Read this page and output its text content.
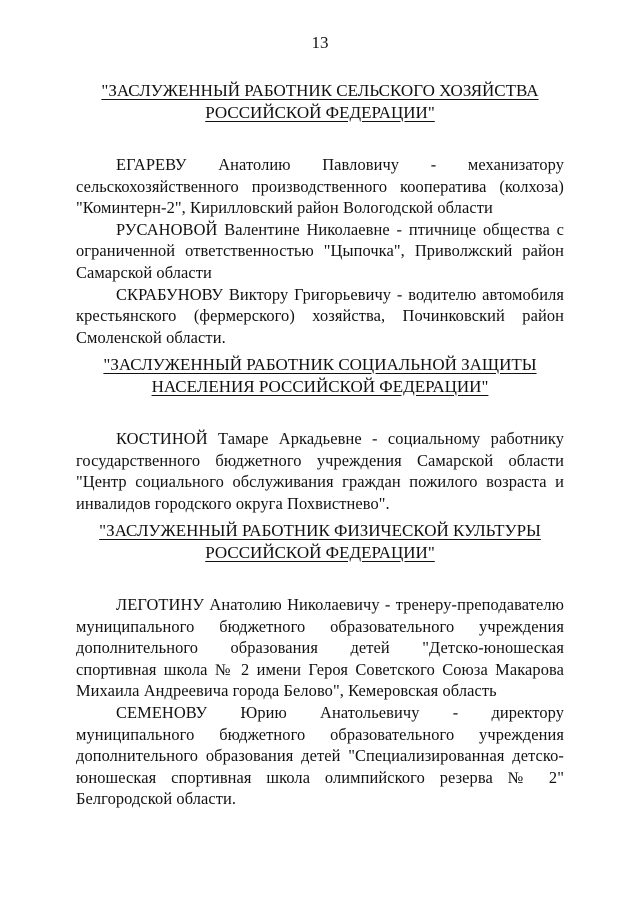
13
"ЗАСЛУЖЕННЫЙ РАБОТНИК СЕЛЬСКОГО ХОЗЯЙСТВА
РОССИЙСКОЙ ФЕДЕРАЦИИ"

ЕГАРЕВУ Анатолию Павловичу - механизатору сельскохозяйственного производственного кооператива (колхоза) "Коминтерн-2", Кирилловский район Вологодской области

РУСАНОВОЙ Валентине Николаевне - птичнице общества с ограниченной ответственностью "Цыпочка", Приволжский район Самарской области

СКРАБУНОВУ Виктору Григорьевичу - водителю автомобиля крестьянского (фермерского) хозяйства, Починковский район Смоленской области.

"ЗАСЛУЖЕННЫЙ РАБОТНИК СОЦИАЛЬНОЙ ЗАЩИТЫ
НАСЕЛЕНИЯ РОССИЙСКОЙ ФЕДЕРАЦИИ"

КОСТИНОЙ Тамаре Аркадьевне - социальному работнику государственного бюджетного учреждения Самарской области "Центр социального обслуживания граждан пожилого возраста и инвалидов городского округа Похвистнево".

"ЗАСЛУЖЕННЫЙ РАБОТНИК ФИЗИЧЕСКОЙ КУЛЬТУРЫ
РОССИЙСКОЙ ФЕДЕРАЦИИ"

ЛЕГОТИНУ Анатолию Николаевичу - тренеру-преподавателю муниципального бюджетного образовательного учреждения дополнительного образования детей "Детско-юношеская спортивная школа № 2 имени Героя Советского Союза Макарова Михаила Андреевича города Белово", Кемеровская область

СЕМЕНОВУ Юрию Анатольевичу - директору муниципального бюджетного образовательного учреждения дополнительного образования детей "Специализированная детско-юношеская спортивная школа олимпийского резерва № 2" Белгородской области.
